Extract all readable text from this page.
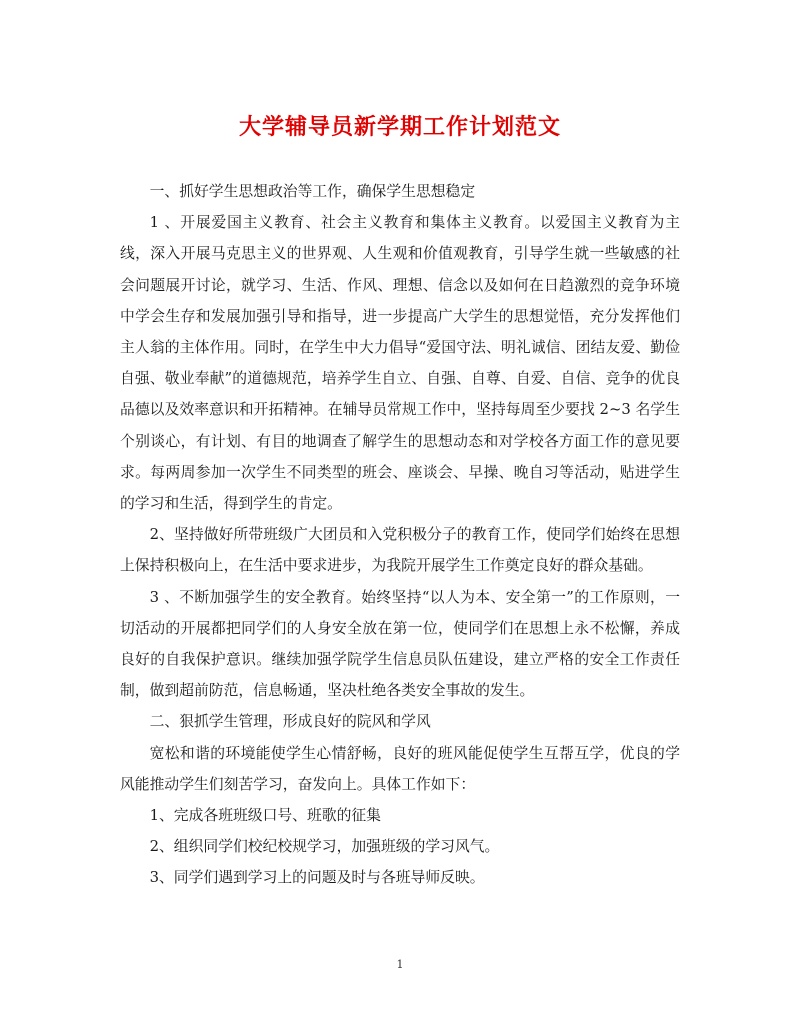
大学辅导员新学期工作计划范文

一、抓好学生思想政治等工作，确保学生思想稳定

1 、开展爱国主义教育、社会主义教育和集体主义教育。以爱国主义教育为主线，深入开展马克思主义的世界观、人生观和价值观教育，引导学生就一些敏感的社会问题展开讨论，就学习、生活、作风、理想、信念以及如何在日趋激烈的竞争环境中学会生存和发展加强引导和指导，进一步提高广大学生的思想觉悟，充分发挥他们主人翁的主体作用。同时，在学生中大力倡导“爱国守法、明礼诚信、团结友爱、勤俭自强、敬业奉献”的道德规范，培养学生自立、自强、自尊、自爱、自信、竞争的优良品德以及效率意识和开拓精神。在辅导员常规工作中，坚持每周至少要找 2~3 名学生个别谈心，有计划、有目的地调查了解学生的思想动态和对学校各方面工作的意见要求。每两周参加一次学生不同类型的班会、座谈会、早操、晚自习等活动，贴进学生的学习和生活，得到学生的肯定。

2、坚持做好所带班级广大团员和入党积极分子的教育工作，使同学们始终在思想上保持积极向上，在生活中要求进步，为我院开展学生工作奠定良好的群众基础。

3 、不断加强学生的安全教育。始终坚持“以人为本、安全第一”的工作原则，一切活动的开展都把同学们的人身安全放在第一位，使同学们在思想上永不松懈，养成良好的自我保护意识。继续加强学院学生信息员队伍建设，建立严格的安全工作责任制，做到超前防范，信息畅通，坚决杜绝各类安全事故的发生。

二、狠抓学生管理，形成良好的院风和学风

宽松和谐的环境能使学生心情舒畅，良好的班风能促使学生互帮互学，优良的学风能推动学生们刻苦学习，奋发向上。具体工作如下：

1、完成各班班级口号、班歌的征集

2、组织同学们校纪校规学习，加强班级的学习风气。

3、同学们遇到学习上的问题及时与各班导师反映。

1
